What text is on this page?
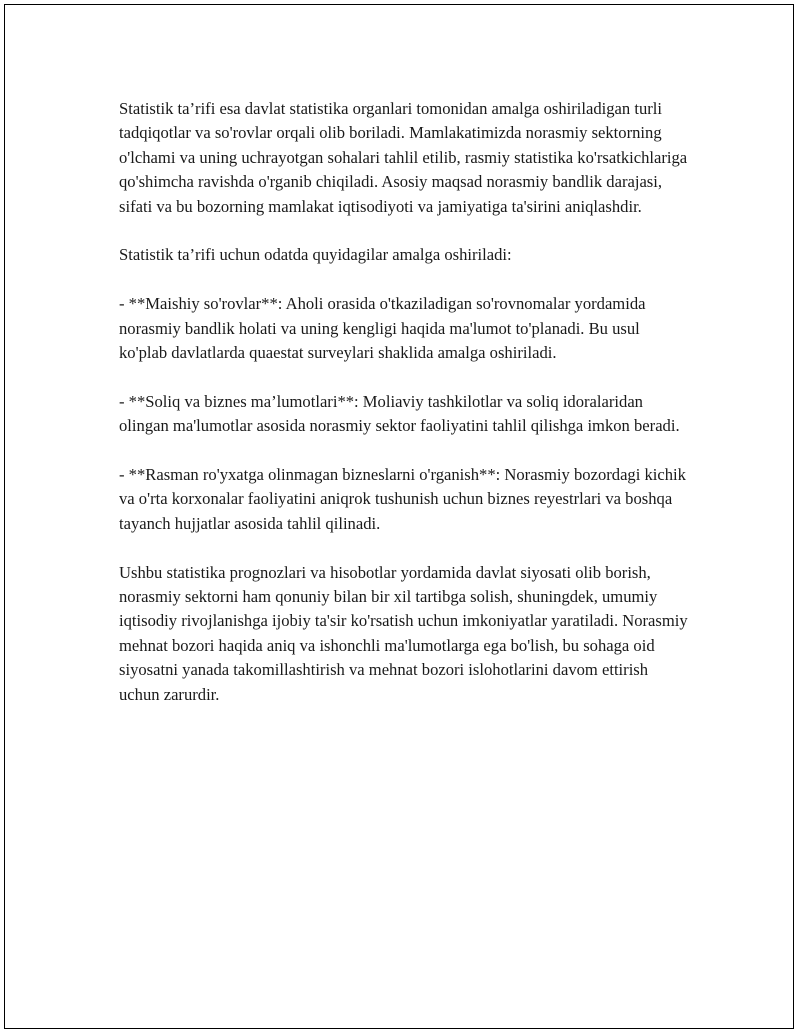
Statistik ta’rifi esa davlat statistika organlari tomonidan amalga oshiriladigan turli tadqiqotlar va so'rovlar orqali olib boriladi. Mamlakatimizda norasmiy sektorning o'lchami va uning uchrayotgan sohalari tahlil etilib, rasmiy statistika ko'rsatkichlariga qo'shimcha ravishda o'rganib chiqiladi. Asosiy maqsad norasmiy bandlik darajasi, sifati va bu bozorning mamlakat iqtisodiyoti va jamiyatiga ta'sirini aniqlashdir.

Statistik ta’rifi uchun odatda quyidagilar amalga oshiriladi:

- **Maishiy so'rovlar**: Aholi orasida o'tkaziladigan so'rovnomalar yordamida norasmiy bandlik holati va uning kengligi haqida ma'lumot to'planadi. Bu usul ko'plab davlatlarda quaestat surveylari shaklida amalga oshiriladi.

- **Soliq va biznes ma’lumotlari**: Moliaviy tashkilotlar va soliq idoralaridan olingan ma'lumotlar asosida norasmiy sektor faoliyatini tahlil qilishga imkon beradi.

- **Rasman ro'yxatga olinmagan bizneslarni o'rganish**: Norasmiy bozordagi kichik va o'rta korxonalar faoliyatini aniqrok tushunish uchun biznes reyestrlari va boshqa tayanch hujjatlar asosida tahlil qilinadi.

Ushbu statistika prognozlari va hisobotlar yordamida davlat siyosati olib borish, norasmiy sektorni ham qonuniy bilan bir xil tartibga solish, shuningdek, umumiy iqtisodiy rivojlanishga ijobiy ta'sir ko'rsatish uchun imkoniyatlar yaratiladi. Norasmiy mehnat bozori haqida aniq va ishonchli ma'lumotlarga ega bo'lish, bu sohaga oid siyosatni yanada takomillashtirish va mehnat bozori islohotlarini davom ettirish uchun zarurdir.
